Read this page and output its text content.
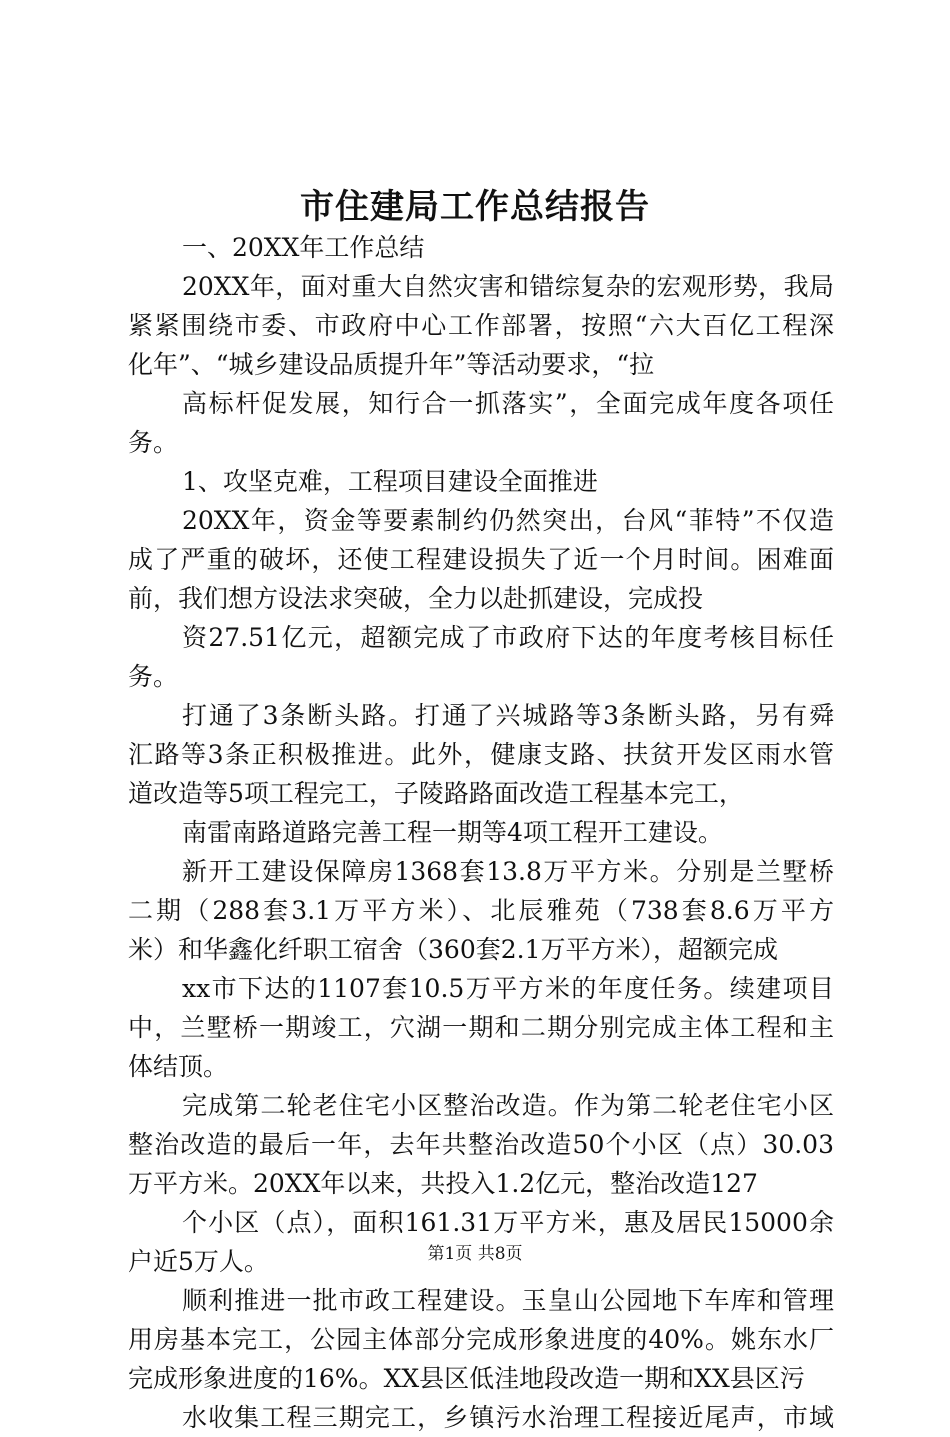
市住建局工作总结报告
一、20XX年工作总结
20XX年，面对重大自然灾害和错综复杂的宏观形势，我局
紧紧围绕市委、市政府中心工作部署，按照“六大百亿工程深
化年”、“城乡建设品质提升年”等活动要求，“拉
高标杆促发展，知行合一抓落实”，全面完成年度各项任
务。
1、攻坚克难，工程项目建设全面推进
20XX年，资金等要素制约仍然突出，台风“菲特”不仅造
成了严重的破坏，还使工程建设损失了近一个月时间。困难面
前，我们想方设法求突破，全力以赴抓建设，完成投
资27.51亿元，超额完成了市政府下达的年度考核目标任
务。
打通了3条断头路。打通了兴城路等3条断头路，另有舜
汇路等3条正积极推进。此外，健康支路、扶贫开发区雨水管
道改造等5项工程完工，子陵路路面改造工程基本完工，
南雷南路道路完善工程一期等4项工程开工建设。
新开工建设保障房1368套13.8万平方米。分别是兰墅桥
二期（288套3.1万平方米）、北辰雅苑（738套8.6万平方
米）和华鑫化纤职工宿舍（360套2.1万平方米），超额完成
xx市下达的1107套10.5万平方米的年度任务。续建项目
中，兰墅桥一期竣工，穴湖一期和二期分别完成主体工程和主
体结顶。
完成第二轮老住宅小区整治改造。作为第二轮老住宅小区
整治改造的最后一年，去年共整治改造50个小区（点）30.03
万平方米。20XX年以来，共投入1.2亿元，整治改造127
个小区（点），面积161.31万平方米，惠及居民15000余
户近5万人。
顺利推进一批市政工程建设。玉皇山公园地下车库和管理
用房基本完工，公园主体部分完成形象进度的40%。姚东水厂
完成形象进度的16%。XX县区低洼地段改造一期和XX县区污
水收集工程三期完工，乡镇污水治理工程接近尾声，市域
第1页 共8页
